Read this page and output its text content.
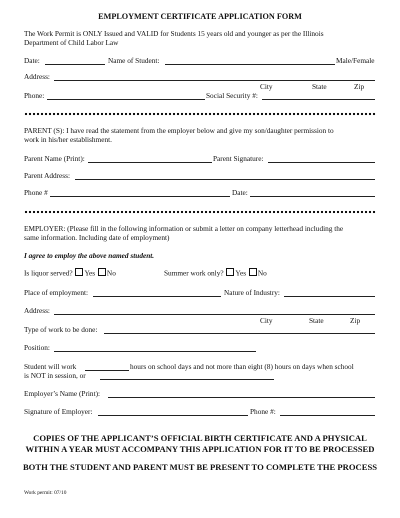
EMPLOYMENT CERTIFICATE APPLICATION FORM
The Work Permit is ONLY Issued and VALID for Students 15 years old and younger as per the Illinois
Department of Child Labor Law
Date:	Name of Student:	Male/Female
Address:
City	State	Zip
Phone:	Social Security #:
PARENT (S): I have read the statement from the employer below and give my son/daughter permission to
work in his/her establishment.
Parent Name (Print):	Parent Signature:
Parent Address:
Phone #	Date:
EMPLOYER: (Please fill in the following information or submit a letter on company letterhead including the
same information. Including date of employment)
I agree to employ the above named student.
Is liquor served? Yes No	Summer work only? Yes No
Place of employment:	Nature of Industry:
Address:
City	State	Zip
Type of work to be done:
Position:
Student will work	hours on school days and not more than eight (8) hours on days when school
is NOT in session, or
Employer’s Name (Print):
Signature of Employer:	Phone #:
COPIES OF THE APPLICANT’S OFFICIAL BIRTH CERTIFICATE AND A PHYSICAL
WITHIN A YEAR MUST ACCOMPANY THIS APPLICATION FOR IT TO BE PROCESSED
BOTH THE STUDENT AND PARENT MUST BE PRESENT TO COMPLETE THE PROCESS
Work permit: 07/10
